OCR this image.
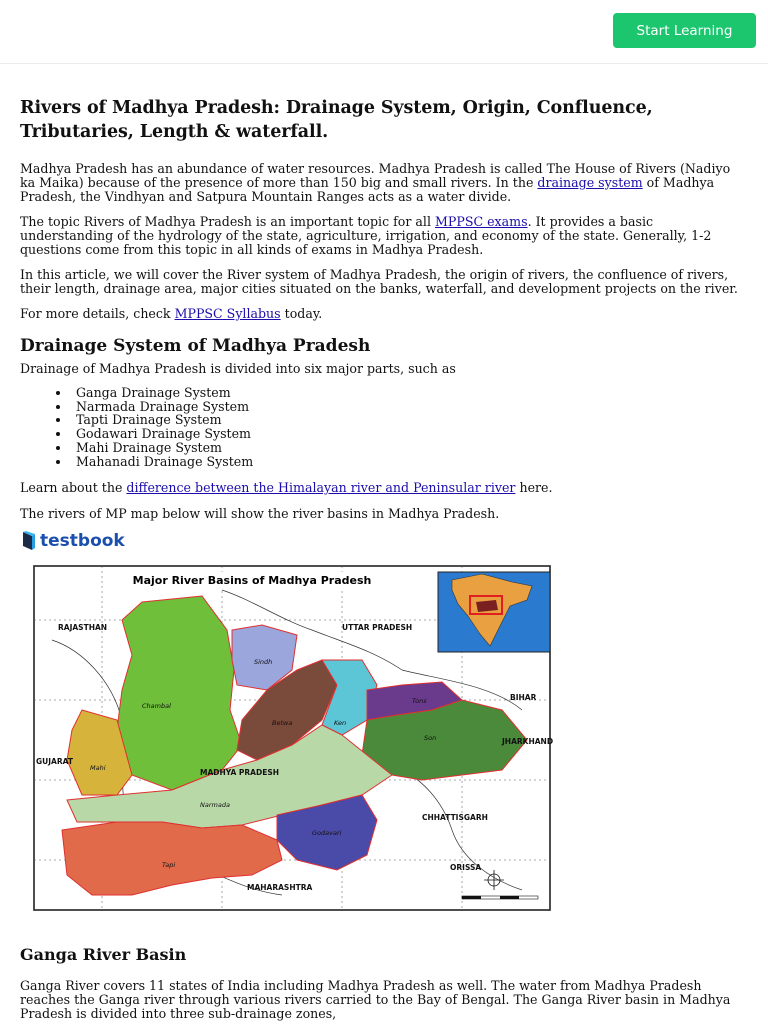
Start Learning
Rivers of Madhya Pradesh: Drainage System, Origin, Confluence, Tributaries, Length & waterfall.

Madhya Pradesh has an abundance of water resources. Madhya Pradesh is called The House of Rivers (Nadiyo ka Maika) because of the presence of more than 150 big and small rivers. In the drainage system of Madhya Pradesh, the Vindhyan and Satpura Mountain Ranges acts as a water divide.

The topic Rivers of Madhya Pradesh is an important topic for all MPPSC exams. It provides a basic understanding of the hydrology of the state, agriculture, irrigation, and economy of the state. Generally, 1-2 questions come from this topic in all kinds of exams in Madhya Pradesh.

In this article, we will cover the River system of Madhya Pradesh, the origin of rivers, the confluence of rivers, their length, drainage area, major cities situated on the banks, waterfall, and development projects on the river.

For more details, check MPPSC Syllabus today.

Drainage System of Madhya Pradesh

Drainage of Madhya Pradesh is divided into six major parts, such as

Ganga Drainage System
Narmada Drainage System
Tapti Drainage System
Godawari Drainage System
Mahi Drainage System
Mahanadi Drainage System

Learn about the difference between the Himalayan river and Peninsular river here.

The rivers of MP map below will show the river basins in Madhya Pradesh.

testbook
Major River Basins of Madhya Pradesh
RAJASTHAN	UTTAR PRADESH
BIHAR
JHARKHAND
GUJARAT
MADHYA PRADESH
CHHATTISGARH
ORISSA
MAHARASHTRA
Chambal
Sindh
Betwa	Ken
Tons
Son
Mahi
Narmada
Godavari
Tapi
Ganga River Basin

Ganga River covers 11 states of India including Madhya Pradesh as well. The water from Madhya Pradesh reaches the Ganga river through various rivers carried to the Bay of Bengal. The Ganga River basin in Madhya Pradesh is divided into three sub-drainage zones,
